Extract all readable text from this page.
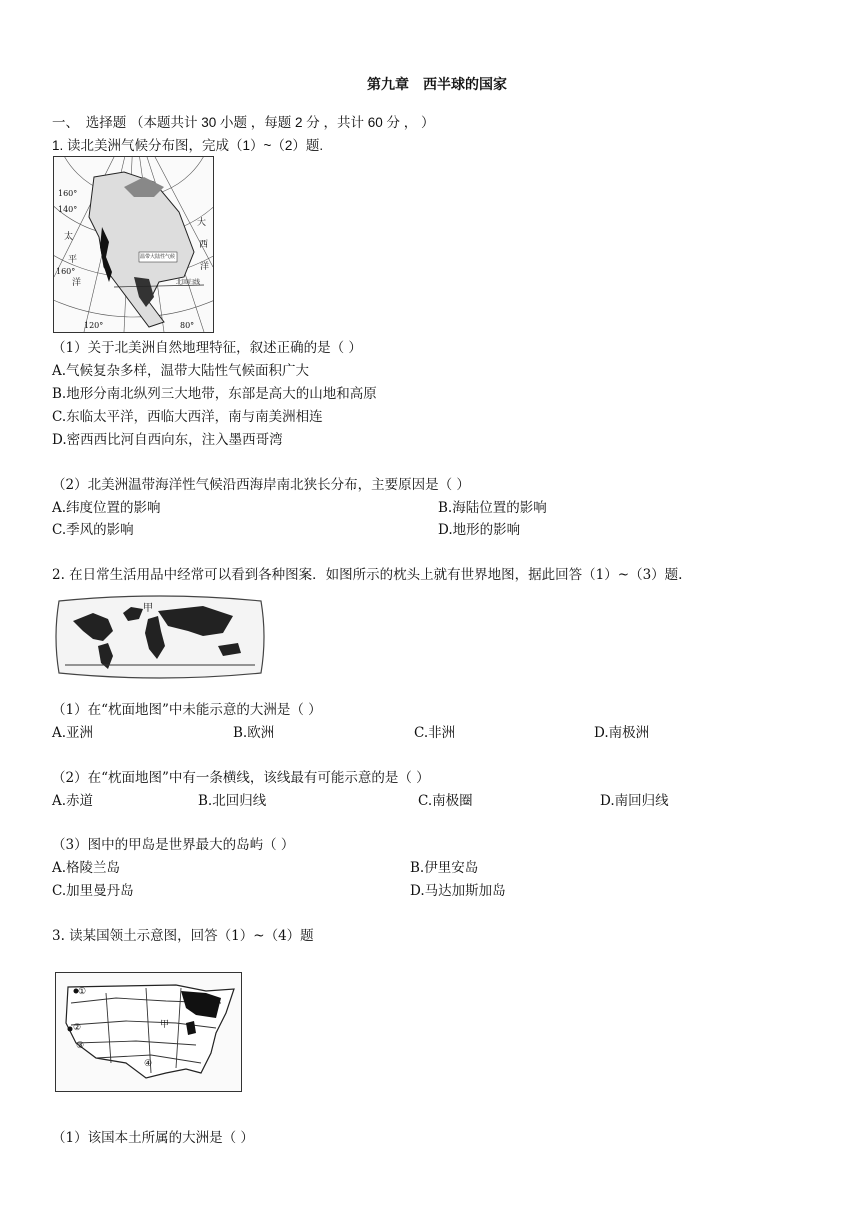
第九章　西半球的国家
一、　选择题 （本题共计 30 小题 ，每题 2 分 ，共计 60 分 ， ）
1. 读北美洲气候分布图，完成（1）~（2）题.
160°
140°
160°
120°	80°
太
平
洋
大
西
洋
温带大陆性气候
北回归线
（1）关于北美洲自然地理特征，叙述正确的是（ ）
A.气候复杂多样，温带大陆性气候面积广大
B.地形分南北纵列三大地带，东部是高大的山地和高原
C.东临太平洋，西临大西洋，南与南美洲相连
D.密西西比河自西向东，注入墨西哥湾
（2）北美洲温带海洋性气候沿西海岸南北狭长分布，主要原因是（ ）
A.纬度位置的影响	B.海陆位置的影响
C.季风的影响	D.地形的影响
2. 在日常生活用品中经常可以看到各种图案．如图所示的枕头上就有世界地图，据此回答（1）~（3）题.
甲
（1）在“枕面地图”中未能示意的大洲是（ ）
A.亚洲	B.欧洲	C.非洲	D.南极洲
（2）在“枕面地图”中有一条横线，该线最有可能示意的是（ ）
A.赤道	B.北回归线	C.南极圈	D.南回归线
（3）图中的甲岛是世界最大的岛屿（ ）
A.格陵兰岛	B.伊里安岛
C.加里曼丹岛	D.马达加斯加岛
3. 读某国领土示意图，回答（1）~（4）题
①
②
③
④
甲
（1）该国本土所属的大洲是（ ）
